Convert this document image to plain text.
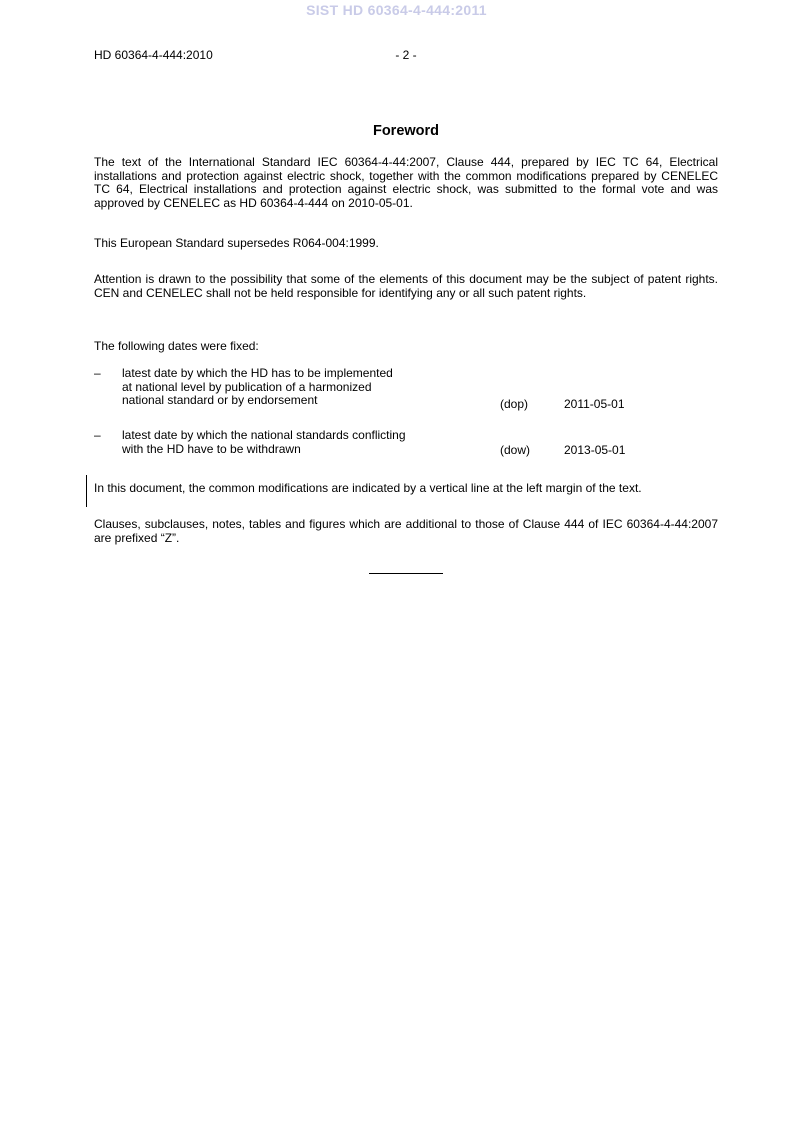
SIST HD 60364-4-444:2011
HD 60364-4-444:2010	- 2 -
Foreword
The text of the International Standard IEC 60364-4-44:2007, Clause 444, prepared by IEC TC 64, Electrical installations and protection against electric shock, together with the common modifications prepared by CENELEC TC 64, Electrical installations and protection against electric shock, was submitted to the formal vote and was approved by CENELEC as HD 60364-4-444 on 2010-05-01.
This European Standard supersedes R064-004:1999.
Attention is drawn to the possibility that some of the elements of this document may be the subject of patent rights. CEN and CENELEC shall not be held responsible for identifying any or all such patent rights.
The following dates were fixed:
– latest date by which the HD has to be implemented
at national level by publication of a harmonized
national standard or by endorsement	(dop)	2011-05-01
– latest date by which the national standards conflicting
with the HD have to be withdrawn	(dow)	2013-05-01
In this document, the common modifications are indicated by a vertical line at the left margin of the text.
Clauses, subclauses, notes, tables and figures which are additional to those of Clause 444 of IEC 60364-4-44:2007 are prefixed “Z”.
